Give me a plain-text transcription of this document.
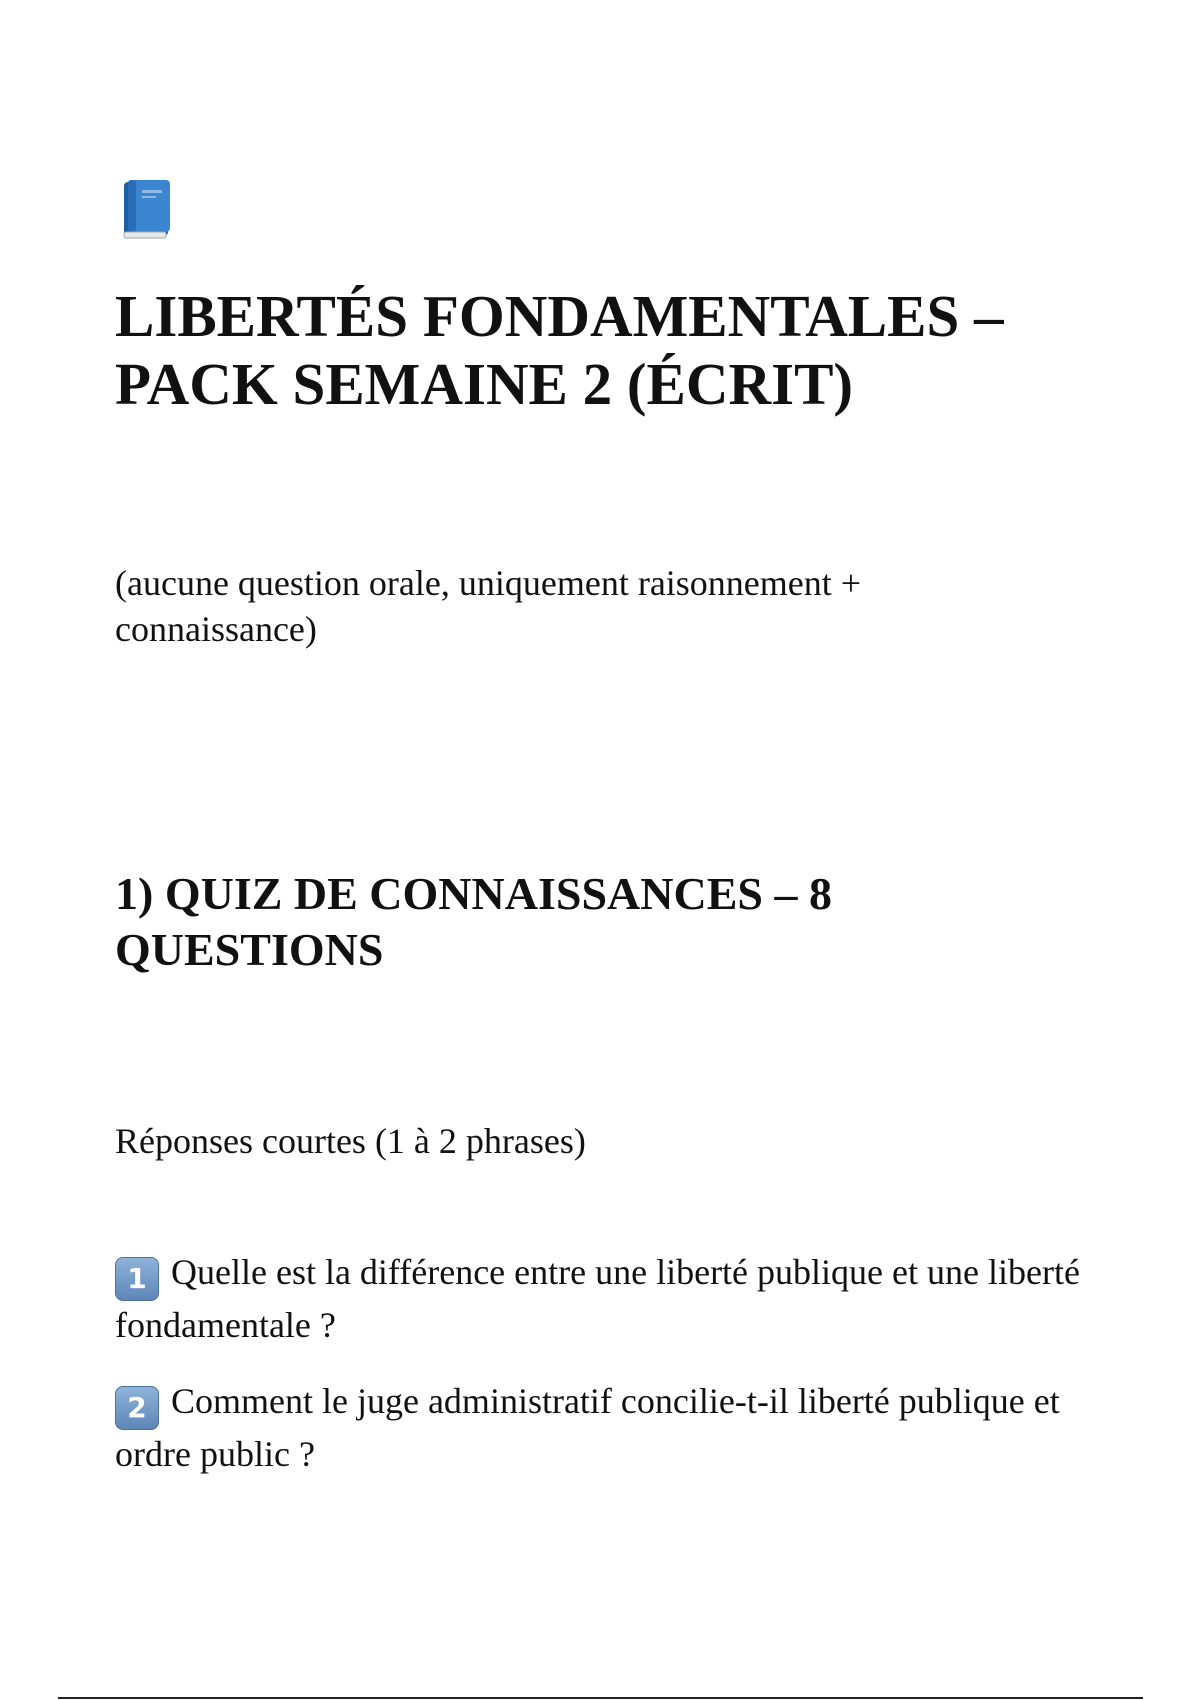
LIBERTÉS FONDAMENTALES – PACK SEMAINE 2 (ÉCRIT)

(aucune question orale, uniquement raisonnement + connaissance)

1) QUIZ DE CONNAISSANCES – 8 QUESTIONS

Réponses courtes (1 à 2 phrases)

1 Quelle est la différence entre une liberté publique et une liberté fondamentale ?

2 Comment le juge administratif concilie-t-il liberté publique et ordre public ?
